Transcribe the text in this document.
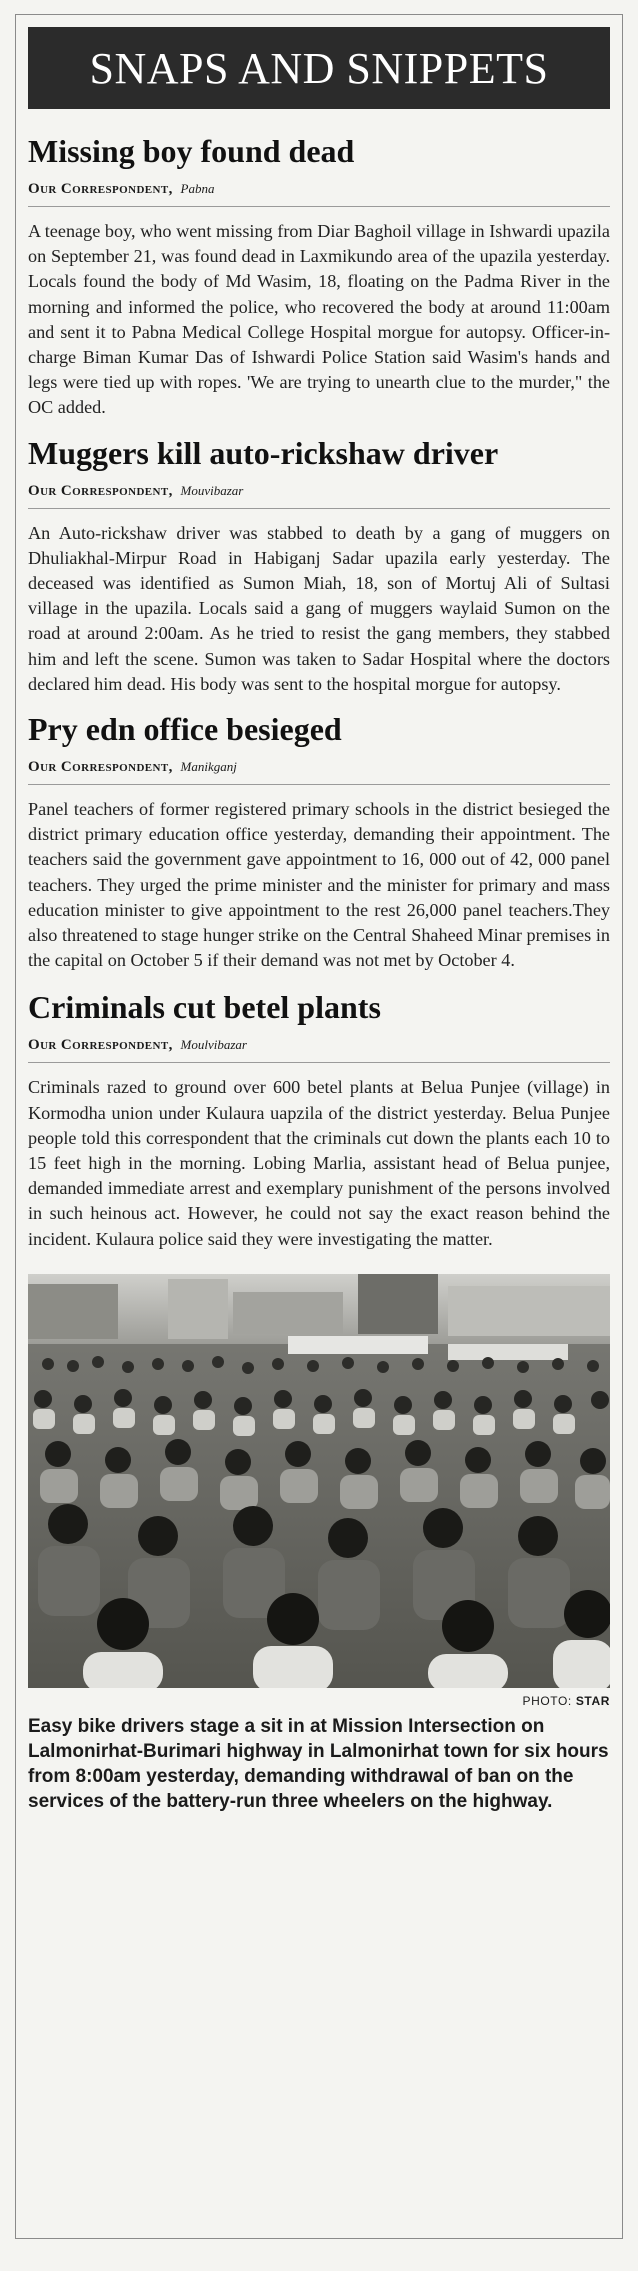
SNAPS AND SNIPPETS
Missing boy found dead
Our Correspondent, Pabna

A teenage boy, who went missing from Diar Baghoil village in Ishwardi upazila on September 21, was found dead in Laxmikundo area of the upazila yesterday. Locals found the body of Md Wasim, 18, floating on the Padma River in the morning and informed the police, who recovered the body at around 11:00am and sent it to Pabna Medical College Hospital morgue for autopsy. Officer-in-charge Biman Kumar Das of Ishwardi Police Station said Wasim's hands and legs were tied up with ropes. 'We are trying to unearth clue to the murder," the OC added.

Muggers kill auto-rickshaw driver
Our Correspondent, Mouvibazar

An Auto-rickshaw driver was stabbed to death by a gang of muggers on Dhuliakhal-Mirpur Road in Habiganj Sadar upazila early yesterday. The deceased was identified as Sumon Miah, 18, son of Mortuj Ali of Sultasi village in the upazila. Locals said a gang of muggers waylaid Sumon on the road at around 2:00am. As he tried to resist the gang members, they stabbed him and left the scene. Sumon was taken to Sadar Hospital where the doctors declared him dead. His body was sent to the hospital morgue for autopsy.

Pry edn office besieged
Our Correspondent, Manikganj

Panel teachers of former registered primary schools in the district besieged the district primary education office yesterday, demanding their appointment. The teachers said the government gave appointment to 16, 000 out of 42, 000 panel teachers. They urged the prime minister and the minister for primary and mass education minister to give appointment to the rest 26,000 panel teachers.They also threatened to stage hunger strike on the Central Shaheed Minar premises in the capital on October 5 if their demand was not met by October 4.

Criminals cut betel plants
Our Correspondent, Moulvibazar

Criminals razed to ground over 600 betel plants at Belua Punjee (village) in Kormodha union under Kulaura uapzila of the district yesterday. Belua Punjee people told this correspondent that the criminals cut down the plants each 10 to 15 feet high in the morning. Lobing Marlia, assistant head of Belua punjee, demanded immediate arrest and exemplary punishment of the persons involved in such heinous act. However, he could not say the exact reason behind the incident. Kulaura police said they were investigating the matter.

PHOTO: STAR
Easy bike drivers stage a sit in at Mission Intersection on Lalmonirhat-Burimari highway in Lalmonirhat town for six hours from 8:00am yesterday, demanding withdrawal of ban on the services of the battery-run three wheelers on the highway.
